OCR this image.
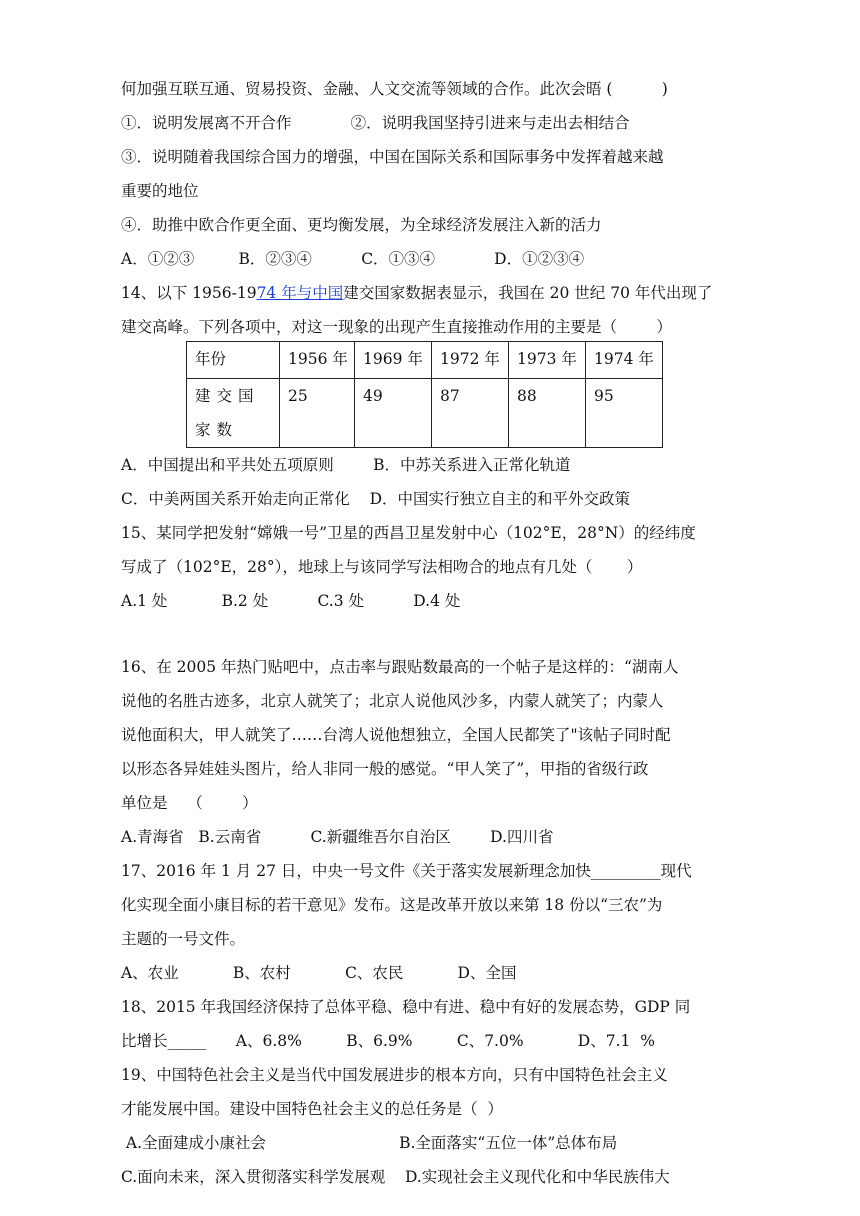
何加强互联互通、贸易投资、金融、人文交流等领域的合作。此次会晤 (          )
①．说明发展离不开合作            ②．说明我国坚持引进来与走出去相结合
③．说明随着我国综合国力的增强，中国在国际关系和国际事务中发挥着越来越
重要的地位
④．助推中欧合作更全面、更均衡发展，为全球经济发展注入新的活力
A．①②③         B．②③④          C．①③④            D．①②③④
14、以下 1956-1974 年与中国建交国家数据表显示，我国在 20 世纪 70 年代出现了
建交高峰。下列各项中，对这一现象的出现产生直接推动作用的主要是（        ）
年份	1956 年	1969 年	1972 年	1973 年	1974 年
建交国家数	25	49	87	88	95
A．中国提出和平共处五项原则        B．中苏关系进入正常化轨道
C．中美两国关系开始走向正常化    D．中国实行独立自主的和平外交政策
15、某同学把发射“嫦娥一号”卫星的西昌卫星发射中心（102°E，28°N）的经纬度
写成了（102°E，28°），地球上与该同学写法相吻合的地点有几处（       ）
A.1 处           B.2 处          C.3 处          D.4 处
16、在 2005 年热门贴吧中，点击率与跟贴数最高的一个帖子是这样的：“湖南人
说他的名胜古迹多，北京人就笑了；北京人说他风沙多，内蒙人就笑了；内蒙人
说他面积大，甲人就笑了……台湾人说他想独立，全国人民都笑了"该帖子同时配
以形态各异娃娃头图片，给人非同一般的感觉。“甲人笑了”，甲指的省级行政
单位是    （        ）
A.青海省   B.云南省          C.新疆维吾尔自治区        D.四川省
17、2016 年 1 月 27 日，中央一号文件《关于落实发展新理念加快_________现代
化实现全面小康目标的若干意见》发布。这是改革开放以来第 18 份以“三农”为
主题的一号文件。
A、农业           B、农村           C、农民           D、全国
18、2015 年我国经济保持了总体平稳、稳中有进、稳中有好的发展态势，GDP 同
比增长_____      A、6.8%         B、6.9%         C、7.0%           D、7.1  %
19、中国特色社会主义是当代中国发展进步的根本方向，只有中国特色社会主义
才能发展中国。建设中国特色社会主义的总任务是（  ）
A.全面建成小康社会                           B.全面落实“五位一体”总体布局
C.面向未来，深入贯彻落实科学发展观    D.实现社会主义现代化和中华民族伟大
